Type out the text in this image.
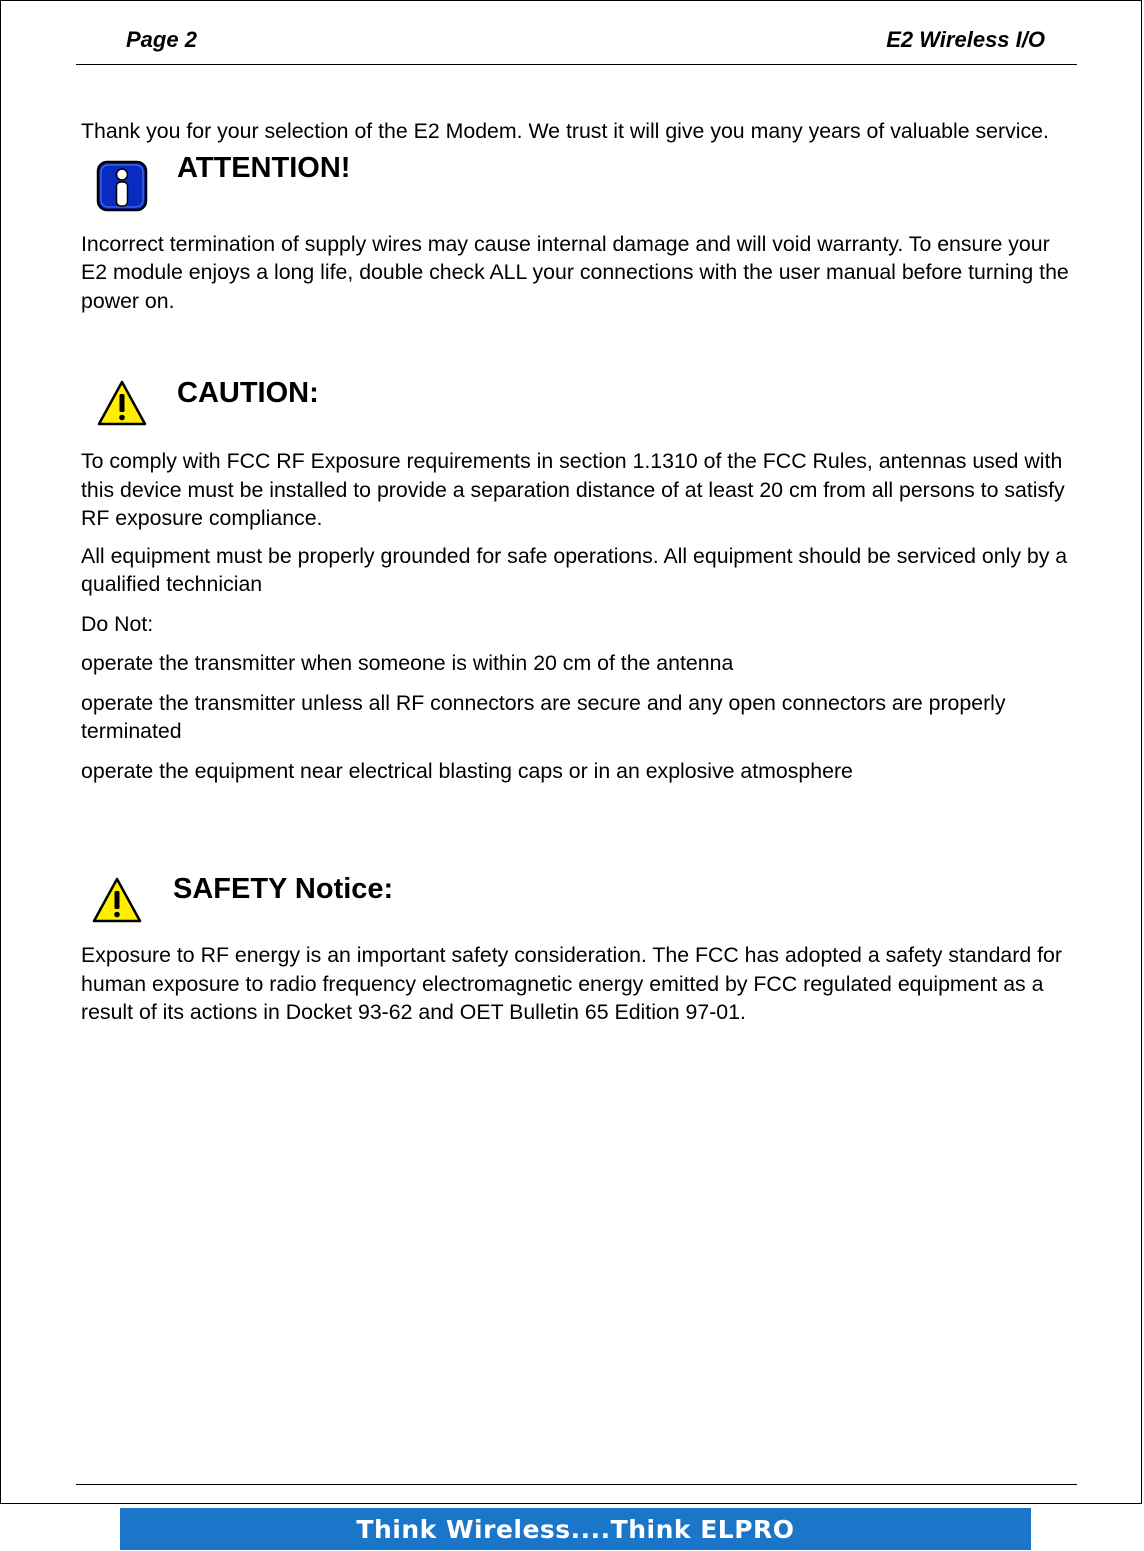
Page 2	E2 Wireless I/O

Thank you for your selection of the E2 Modem. We trust it will give you many years of valuable service.

ATTENTION!

Incorrect termination of supply wires may cause internal damage and will void warranty. To ensure your E2 module enjoys a long life, double check ALL your connections with the user manual before turning the power on.

CAUTION:

To comply with FCC RF Exposure requirements in section 1.1310 of the FCC Rules, antennas used with this device must be installed to provide a separation distance of at least 20 cm from all persons to satisfy RF exposure compliance.

All equipment must be properly grounded for safe operations. All equipment should be serviced only by a qualified technician

Do Not:

operate the transmitter when someone is within 20 cm of the antenna

operate the transmitter unless all RF connectors are secure and any open connectors are properly terminated

operate the equipment near electrical blasting caps or in an explosive atmosphere

SAFETY Notice:

Exposure to RF energy is an important safety consideration. The FCC has adopted a safety standard for human exposure to radio frequency electromagnetic energy emitted by FCC regulated equipment as a result of its actions in Docket 93-62 and OET Bulletin 65 Edition 97-01.

Think Wireless....Think ELPRO
